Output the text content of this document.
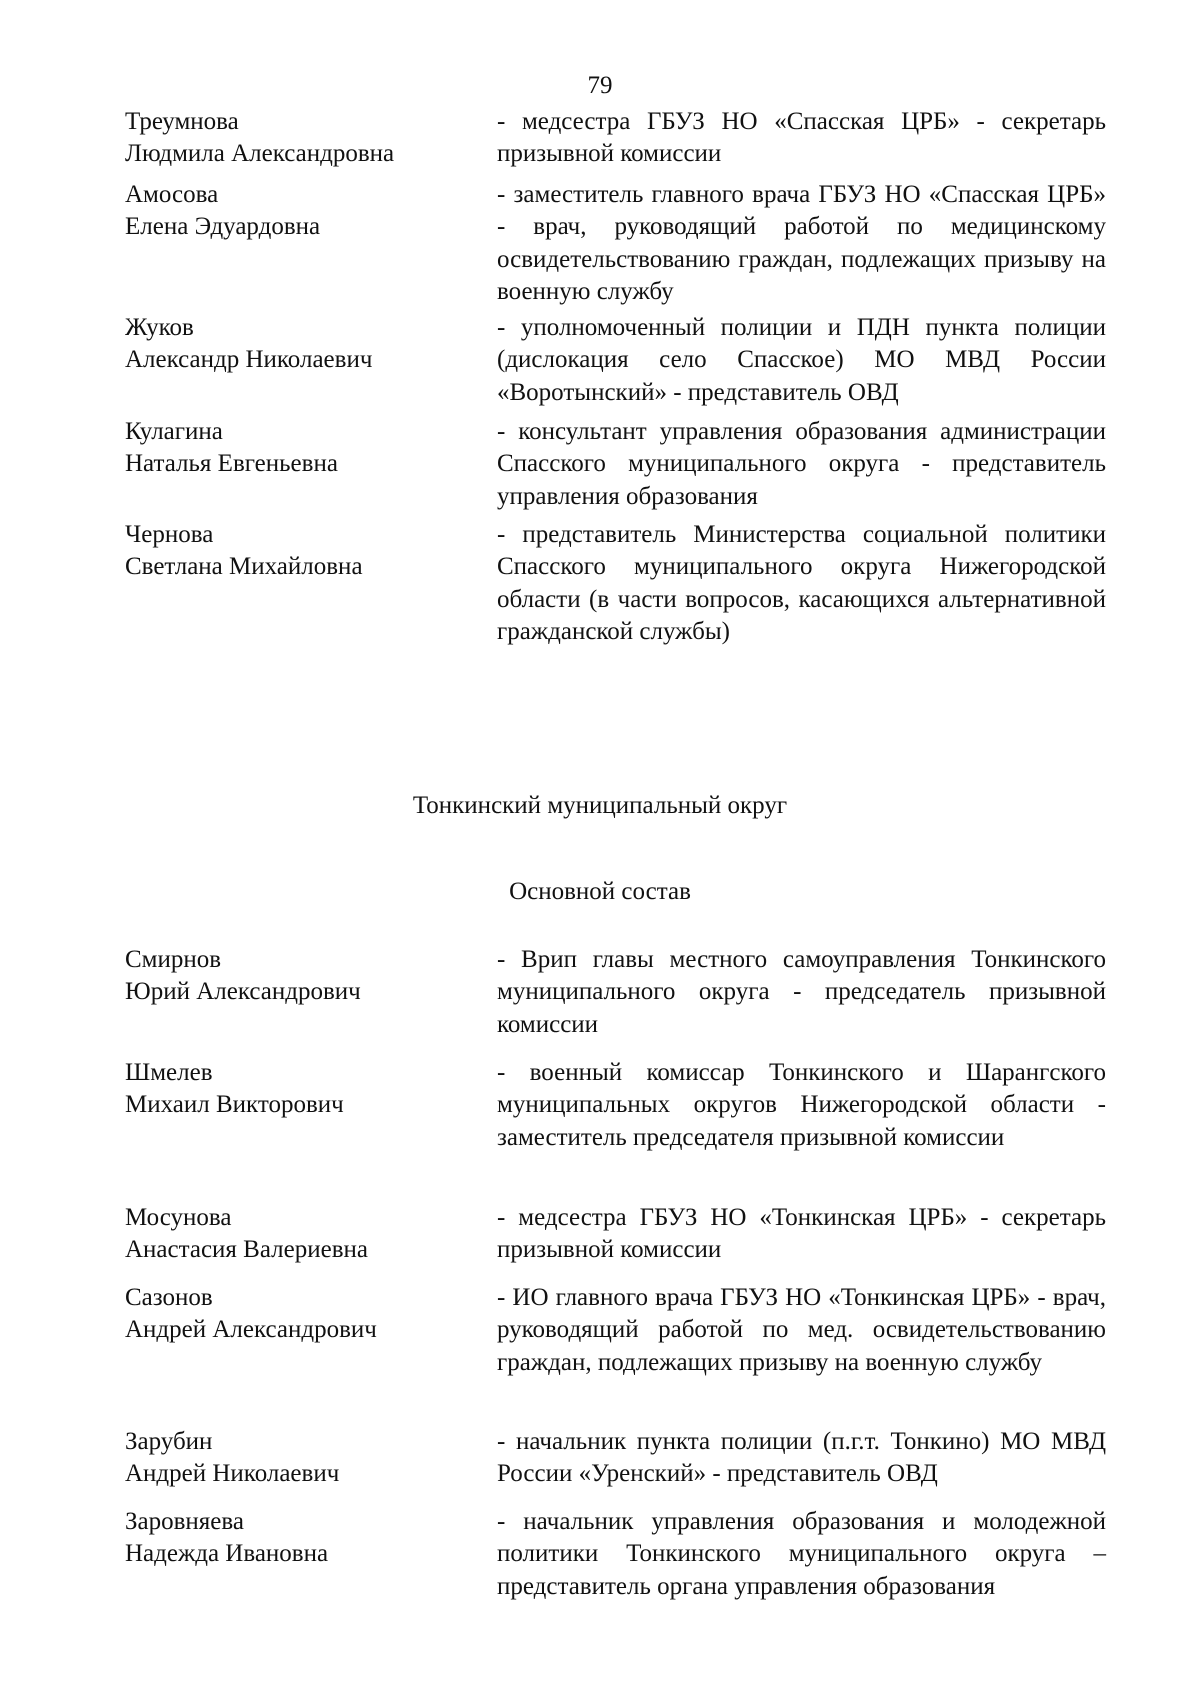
79
Треумнова
Людмила Александровна
- медсестра ГБУЗ НО «Спасская ЦРБ» - секретарь призывной комиссии
Амосова
Елена Эдуардовна
- заместитель главного врача ГБУЗ НО «Спасская ЦРБ» - врач, руководящий работой по медицинскому освидетельствованию граждан, подлежащих призыву на военную службу
Жуков
Александр Николаевич
- уполномоченный полиции и ПДН пункта полиции (дислокация село Спасское) МО МВД России «Воротынский» - представитель ОВД
Кулагина
Наталья Евгеньевна
- консультант управления образования администрации Спасского муниципального округа - представитель управления образования
Чернова
Светлана Михайловна
- представитель Министерства социальной политики Спасского муниципального округа Нижегородской области (в части вопросов, касающихся альтернативной гражданской службы)
Тонкинский муниципальный округ
Основной состав
Смирнов
Юрий Александрович
- Врип главы местного самоуправления Тонкинского муниципального округа - председатель призывной комиссии
Шмелев
Михаил Викторович
- военный комиссар Тонкинского и Шарангского муниципальных округов Нижегородской области - заместитель председателя призывной комиссии
Мосунова
Анастасия Валериевна
- медсестра ГБУЗ НО «Тонкинская ЦРБ» - секретарь призывной комиссии
Сазонов
Андрей Александрович
- ИО главного врача ГБУЗ НО «Тонкинская ЦРБ» - врач, руководящий работой по мед. освидетельствованию граждан, подлежащих призыву на военную службу
Зарубин
Андрей Николаевич
- начальник пункта полиции (п.г.т. Тонкино) МО МВД России «Уренский» - представитель ОВД
Заровняева
Надежда Ивановна
- начальник управления образования и молодежной политики Тонкинского муниципального округа – представитель органа управления образования
